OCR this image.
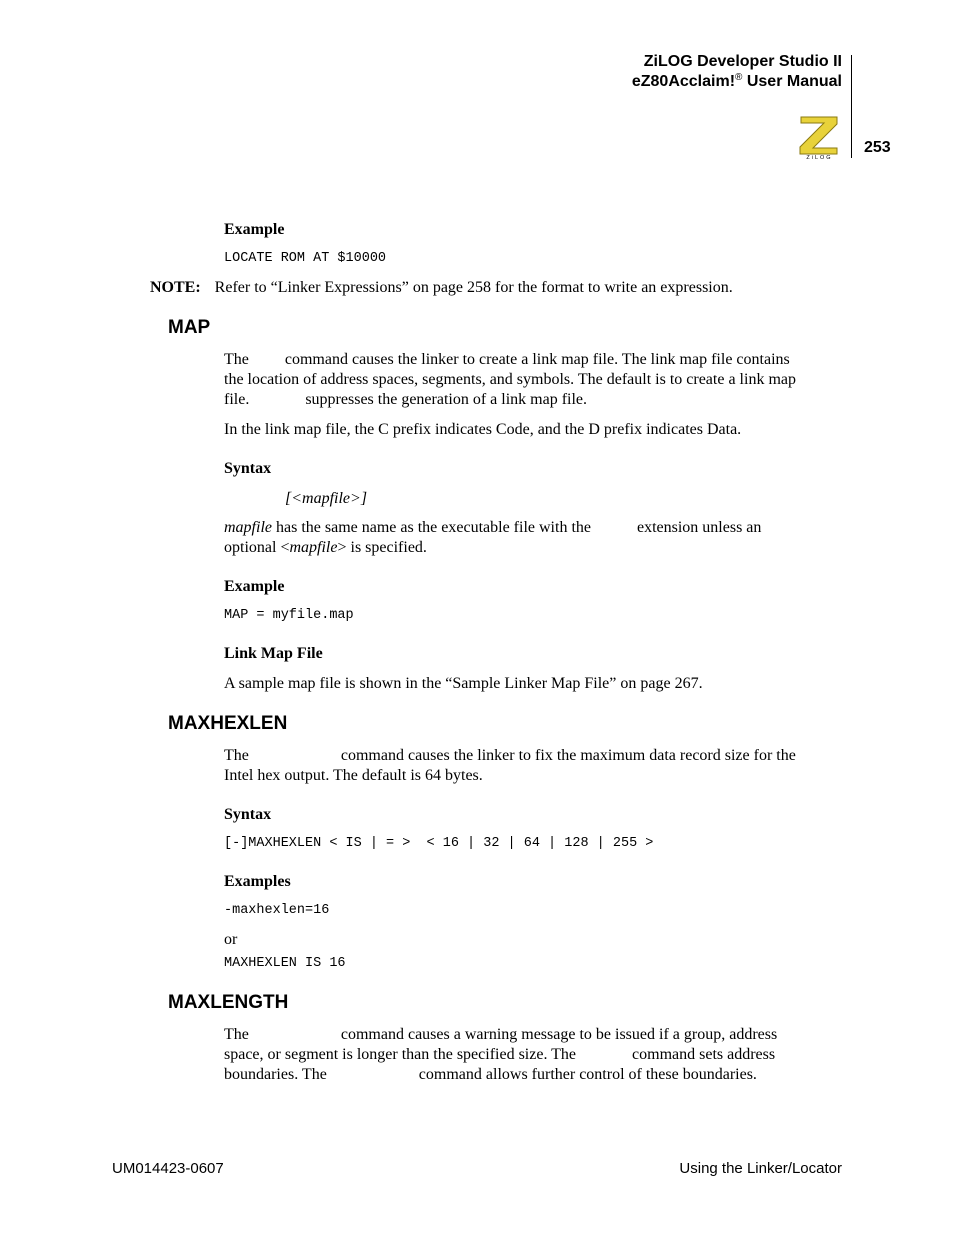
ZiLOG Developer Studio II
eZ80Acclaim!® User Manual
ZiLOG
253
Example
LOCATE ROM AT $10000
NOTE: Refer to “Linker Expressions” on page 258 for the format to write an expression.
MAP
The command causes the linker to create a link map file. The link map file contains
the location of address spaces, segments, and symbols. The default is to create a link map
file.	suppresses the generation of a link map file.
In the link map file, the C prefix indicates Code, and the D prefix indicates Data.
Syntax
[<mapfile>]
mapfile has the same name as the executable file with the	extension unless an
optional <mapfile> is specified.
Example
MAP = myfile.map
Link Map File
A sample map file is shown in the “Sample Linker Map File” on page 267.
MAXHEXLEN
The	command causes the linker to fix the maximum data record size for the
Intel hex output. The default is 64 bytes.
Syntax
[-]MAXHEXLEN < IS | = >  < 16 | 32 | 64 | 128 | 255 >
Examples
-maxhexlen=16
or
MAXHEXLEN IS 16
MAXLENGTH
The	command causes a warning message to be issued if a group, address
space, or segment is longer than the specified size. The	command sets address
boundaries. The	command allows further control of these boundaries.
UM014423-0607	Using the Linker/Locator
